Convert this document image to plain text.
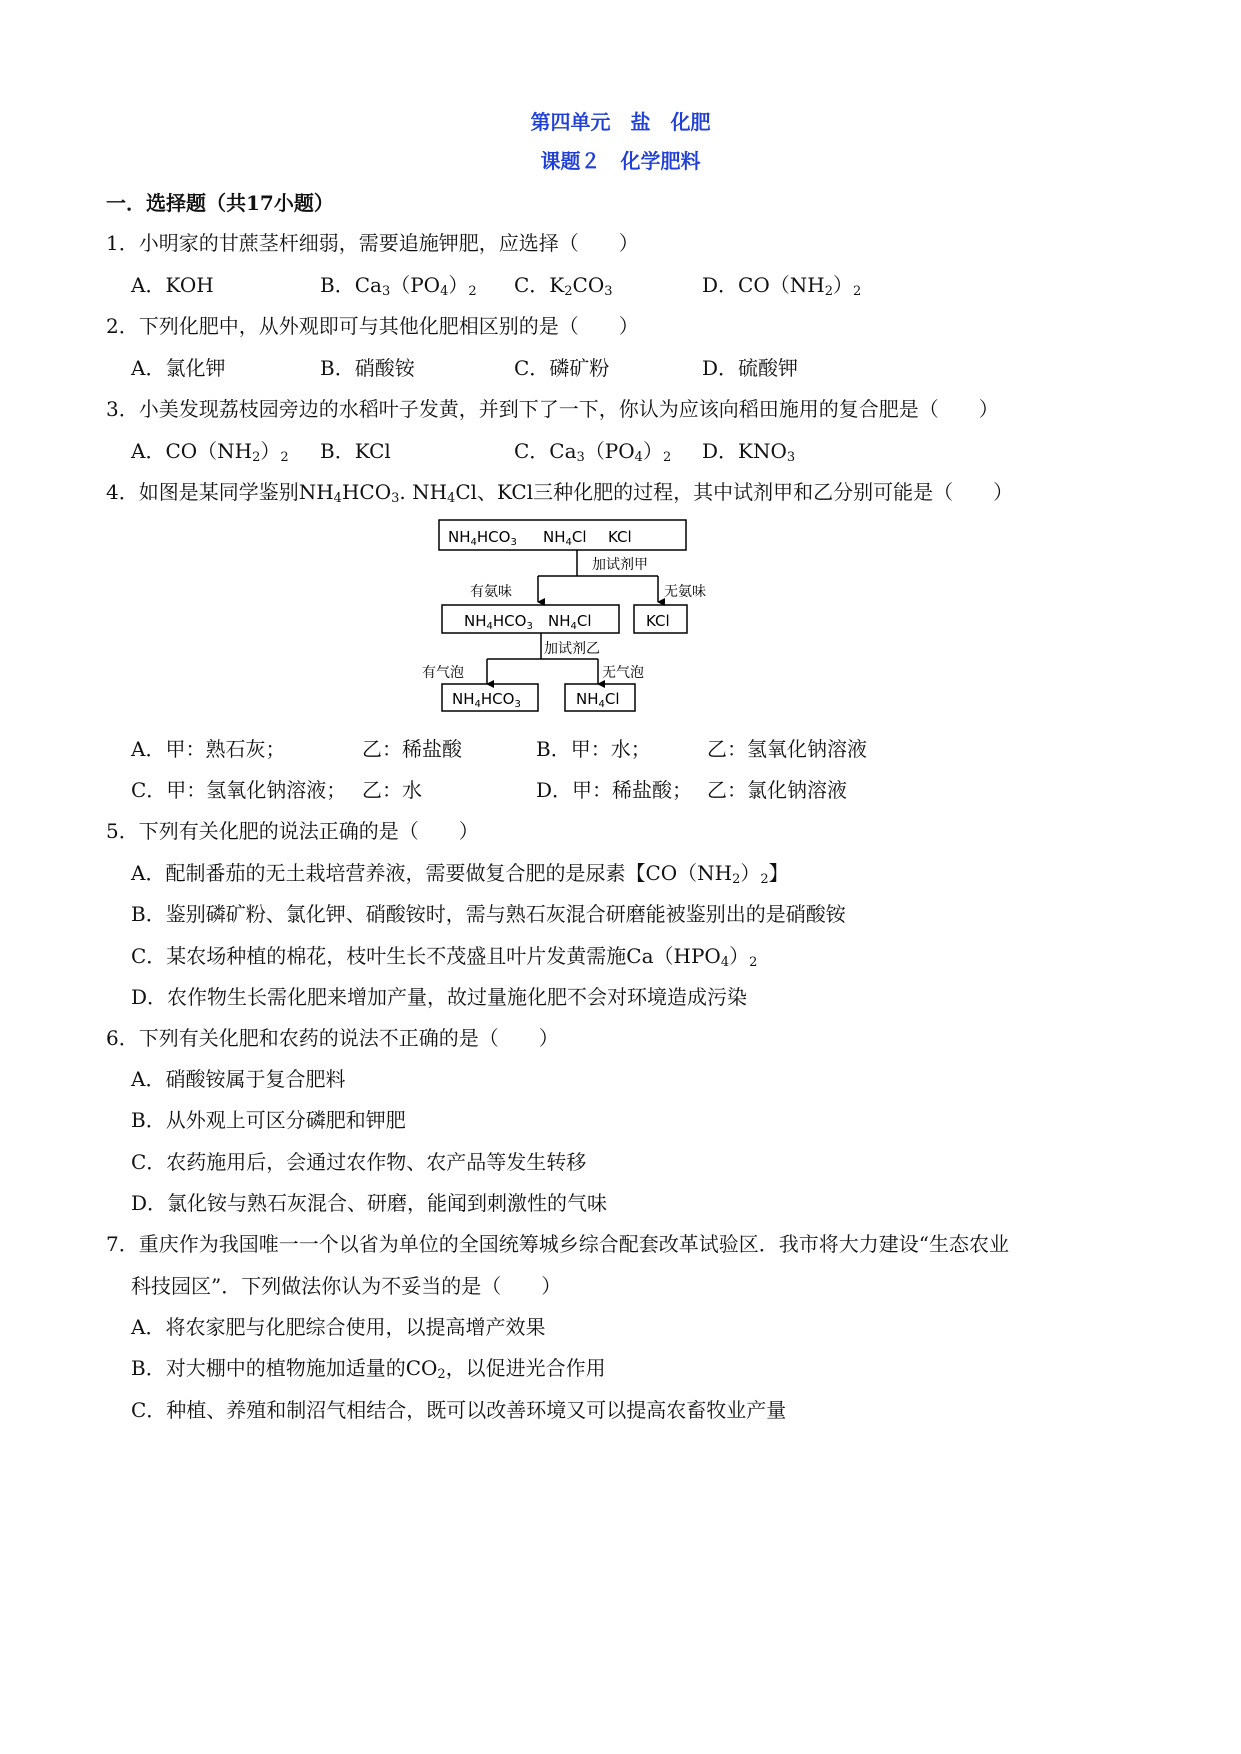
第四单元　盐　化肥
课题２　化学肥料
一．选择题（共17小题）
1．小明家的甘蔗茎杆细弱，需要追施钾肥，应选择（　　）
A．KOH	B．$Ca_3(PO_4)_2$ C．$K_2CO_3$	D．$CO(NH_2)_2$
2．下列化肥中，从外观即可与其他化肥相区别的是（　　）
A．氯化钾	B．硝酸铵	C．磷矿粉	D．硫酸钾
3．小美发现荔枝园旁边的水稻叶子发黄，并到下了一下，你认为应该向稻田施用的复合肥是（　　）
A．$CO(NH_2)_2$ B．KCl	C．$Ca_3(PO_4)_2$ D．$KNO_3$
4．如图是某同学鉴别$NH_4HCO_3$. $NH_4Cl$、KCl三种化肥的过程，其中试剂甲和乙分别可能是（　　）
$NH_4HCO_3$ $NH_4Cl$ KCl
加试剂甲
有氨味	无氨味
$NH_4HCO_3$ $NH_4Cl$	KCl
加试剂乙
有气泡	无气泡
$NH_4HCO_3$	$NH_4Cl$
A．甲：熟石灰；	乙：稀盐酸	B．甲：水；	乙：氢氧化钠溶液
C．甲：氢氧化钠溶液； 乙：水	D．甲：稀盐酸； 乙：氯化钠溶液
5．下列有关化肥的说法正确的是（　　）
A．配制番茄的无土栽培营养液，需要做复合肥的是尿素【$CO(NH_2)_2$】
B．鉴别磷矿粉、氯化钾、硝酸铵时，需与熟石灰混合研磨能被鉴别出的是硝酸铵
C．某农场种植的棉花，枝叶生长不茂盛且叶片发黄需施$Ca(HPO_4)_2$
D．农作物生长需化肥来增加产量，故过量施化肥不会对环境造成污染
6．下列有关化肥和农药的说法不正确的是（　　）
A．硝酸铵属于复合肥料
B．从外观上可区分磷肥和钾肥
C．农药施用后，会通过农作物、农产品等发生转移
D．氯化铵与熟石灰混合、研磨，能闻到刺激性的气味
7．重庆作为我国唯一一个以省为单位的全国统筹城乡综合配套改革试验区．我市将大力建设“生态农业
科技园区”．下列做法你认为不妥当的是（　　）
A．将农家肥与化肥综合使用，以提高增产效果
B．对大棚中的植物施加适量的$CO_2$，以促进光合作用
C．种植、养殖和制沼气相结合，既可以改善环境又可以提高农畜牧业产量
